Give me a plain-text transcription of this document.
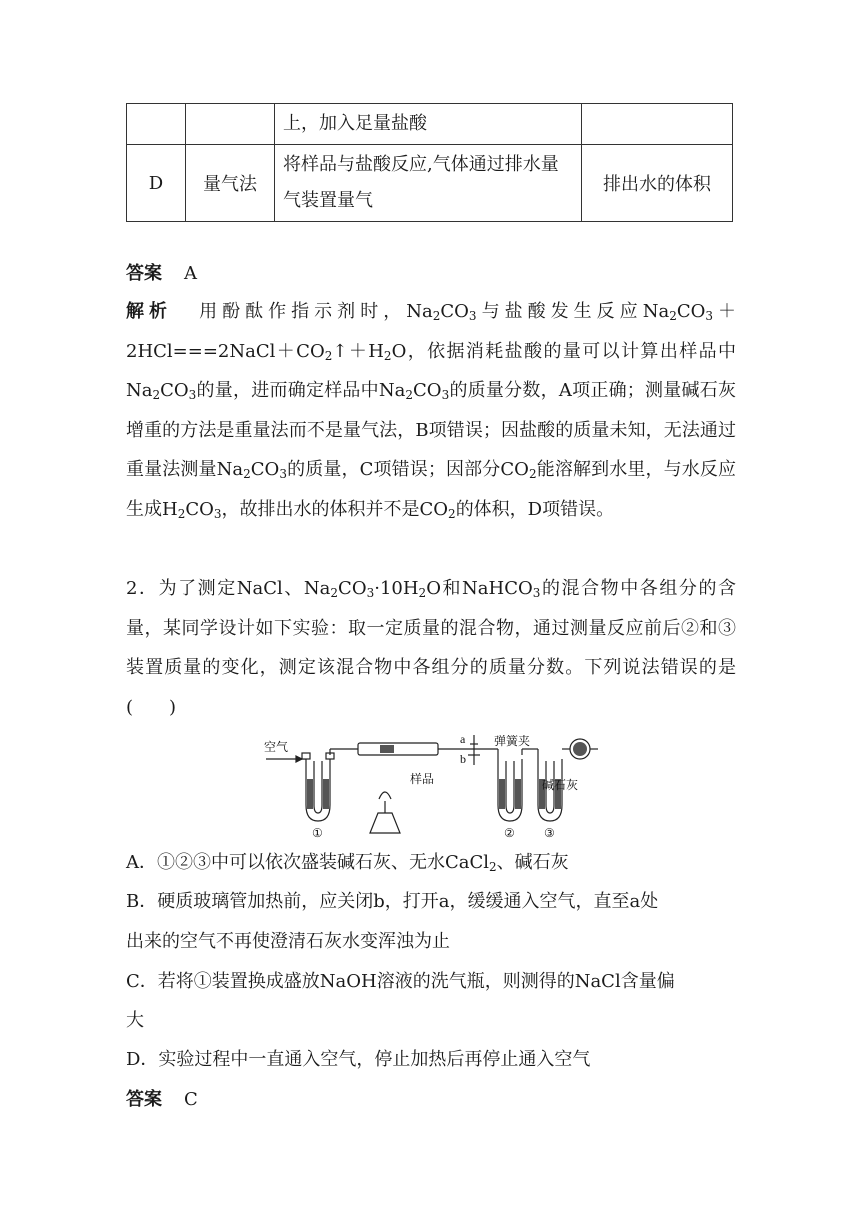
		上，加入足量盐酸	
D	量气法	将样品与盐酸反应,气体通过排水量气装置量气	排出水的体积
答案 A
解析 用酚酞作指示剂时，$Na_2CO_3$与盐酸发生反应$Na_2CO_3+2HCl===2NaCl+CO_2↑+H_2O$，依据消耗盐酸的量可以计算出样品中$Na_2CO_3$的量，进而确定样品中$Na_2CO_3$的质量分数，A项正确；测量碱石灰增重的方法是重量法而不是量气法，B项错误；因盐酸的质量未知，无法通过重量法测量$Na_2CO_3$的质量，C项错误；因部分$CO_2$能溶解到水里，与水反应生成$H_2CO_3$，故排出水的体积并不是$CO_2$的体积，D项错误。
2．为了测定NaCl、$Na_2CO_3\cdot 10H_2O$和NaHCO$_3$的混合物中各组分的含量，某同学设计如下实验：取一定质量的混合物，通过测量反应前后②和③装置质量的变化，测定该混合物中各组分的质量分数。下列说法错误的是(　　)
空气
a
b
弹簧夹
样品	碱石灰
①	② ③
A．①②③中可以依次盛装碱石灰、无水CaCl$_2$、碱石灰
B．硬质玻璃管加热前，应关闭b，打开a，缓缓通入空气，直至a处
出来的空气不再使澄清石灰水变浑浊为止
C．若将①装置换成盛放NaOH溶液的洗气瓶，则测得的NaCl含量偏
大
D．实验过程中一直通入空气，停止加热后再停止通入空气
答案 C
